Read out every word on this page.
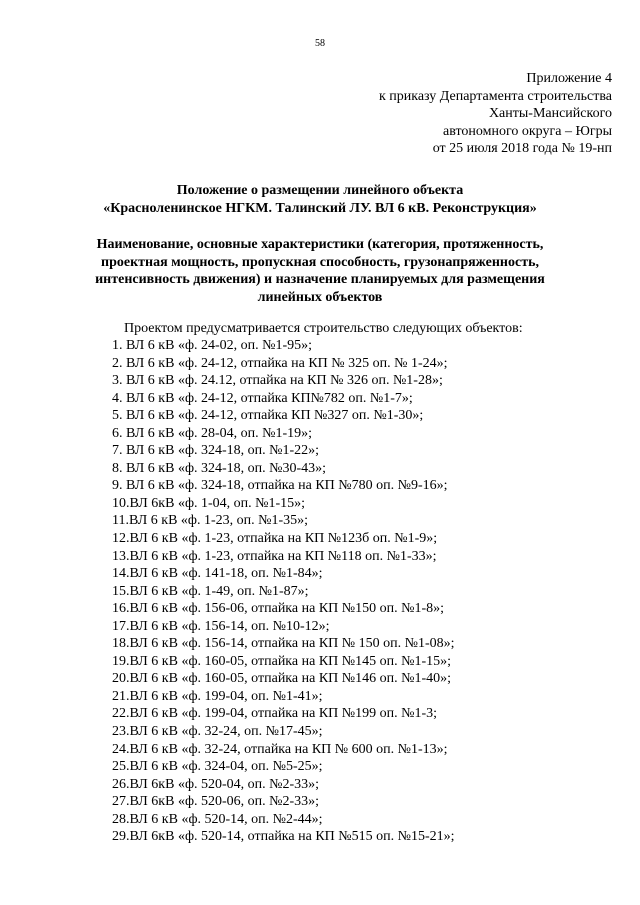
58
Приложение 4
к приказу Департамента строительства
Ханты-Мансийского
автономного округа – Югры
от 25 июля 2018 года № 19-нп
Положение о размещении линейного объекта
«Красноленинское НГКМ. Талинский ЛУ. ВЛ 6 кВ. Реконструкция»
Наименование, основные характеристики (категория, протяженность,
проектная мощность, пропускная способность, грузонапряженность,
интенсивность движения) и назначение планируемых для размещения
линейных объектов
Проектом предусматривается строительство следующих объектов:
1. ВЛ 6 кВ «ф. 24-02, оп. №1-95»;
2. ВЛ 6 кВ «ф. 24-12, отпайка на КП № 325 оп. № 1-24»;
3. ВЛ 6 кВ «ф. 24.12, отпайка на КП № 326 оп. №1-28»;
4. ВЛ 6 кВ «ф. 24-12, отпайка КП№782 оп. №1-7»;
5. ВЛ 6 кВ «ф. 24-12, отпайка КП №327 оп. №1-30»;
6. ВЛ 6 кВ «ф. 28-04, оп. №1-19»;
7. ВЛ 6 кВ «ф. 324-18, оп. №1-22»;
8. ВЛ 6 кВ «ф. 324-18, оп. №30-43»;
9. ВЛ 6 кВ «ф. 324-18, отпайка на КП №780 оп. №9-16»;
10.ВЛ 6кВ «ф. 1-04, оп. №1-15»;
11.ВЛ 6 кВ «ф. 1-23, оп. №1-35»;
12.ВЛ 6 кВ «ф. 1-23, отпайка на КП №123б оп. №1-9»;
13.ВЛ 6 кВ «ф. 1-23, отпайка на КП №118 оп. №1-33»;
14.ВЛ 6 кВ «ф. 141-18, оп. №1-84»;
15.ВЛ 6 кВ «ф. 1-49, оп. №1-87»;
16.ВЛ 6 кВ «ф. 156-06, отпайка на КП №150 оп. №1-8»;
17.ВЛ 6 кВ «ф. 156-14, оп. №10-12»;
18.ВЛ 6 кВ «ф. 156-14, отпайка на КП № 150 оп. №1-08»;
19.ВЛ 6 кВ «ф. 160-05, отпайка на КП №145 оп. №1-15»;
20.ВЛ 6 кВ «ф. 160-05, отпайка на КП №146 оп. №1-40»;
21.ВЛ 6 кВ «ф. 199-04, оп. №1-41»;
22.ВЛ 6 кВ «ф. 199-04, отпайка на КП №199 оп. №1-3;
23.ВЛ 6 кВ «ф. 32-24, оп. №17-45»;
24.ВЛ 6 кВ «ф. 32-24, отпайка на КП № 600 оп. №1-13»;
25.ВЛ 6 кВ «ф. 324-04, оп. №5-25»;
26.ВЛ 6кВ «ф. 520-04, оп. №2-33»;
27.ВЛ 6кВ «ф. 520-06, оп. №2-33»;
28.ВЛ 6 кВ «ф. 520-14, оп. №2-44»;
29.ВЛ 6кВ «ф. 520-14, отпайка на КП №515 оп. №15-21»;
